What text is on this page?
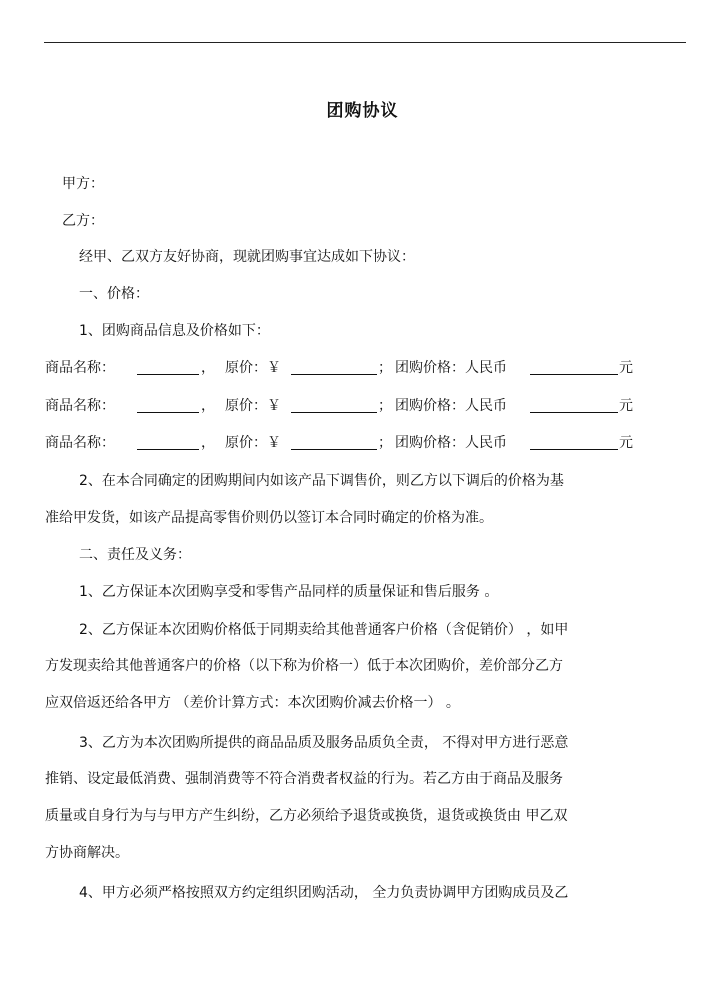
团购协议
甲方：
乙方：
经甲、乙双方友好协商，现就团购事宜达成如下协议：
一、价格：
1、团购商品信息及价格如下：
商品名称：	， 原价：￥	； 团购价格：人民币	元
商品名称：	， 原价：￥	； 团购价格：人民币	元
商品名称：	， 原价：￥	； 团购价格：人民币	元
2、在本合同确定的团购期间内如该产品下调售价，则乙方以下调后的价格为基
准给甲发货，如该产品提高零售价则仍以签订本合同时确定的价格为准。
二、责任及义务：
1、乙方保证本次团购享受和零售产品同样的质量保证和售后服务 。
2、乙方保证本次团购价格低于同期卖给其他普通客户价格（含促销价） ，如甲
方发现卖给其他普通客户的价格（以下称为价格一）低于本次团购价，差价部分乙方
应双倍返还给各甲方 （差价计算方式：本次团购价减去价格一） 。
3、乙方为本次团购所提供的商品品质及服务品质负全责， 不得对甲方进行恶意
推销、设定最低消费、强制消费等不符合消费者权益的行为。若乙方由于商品及服务
质量或自身行为与与甲方产生纠纷，乙方必须给予退货或换货，退货或换货由 甲乙双
方协商解决。
4、甲方必须严格按照双方约定组织团购活动， 全力负责协调甲方团购成员及乙
